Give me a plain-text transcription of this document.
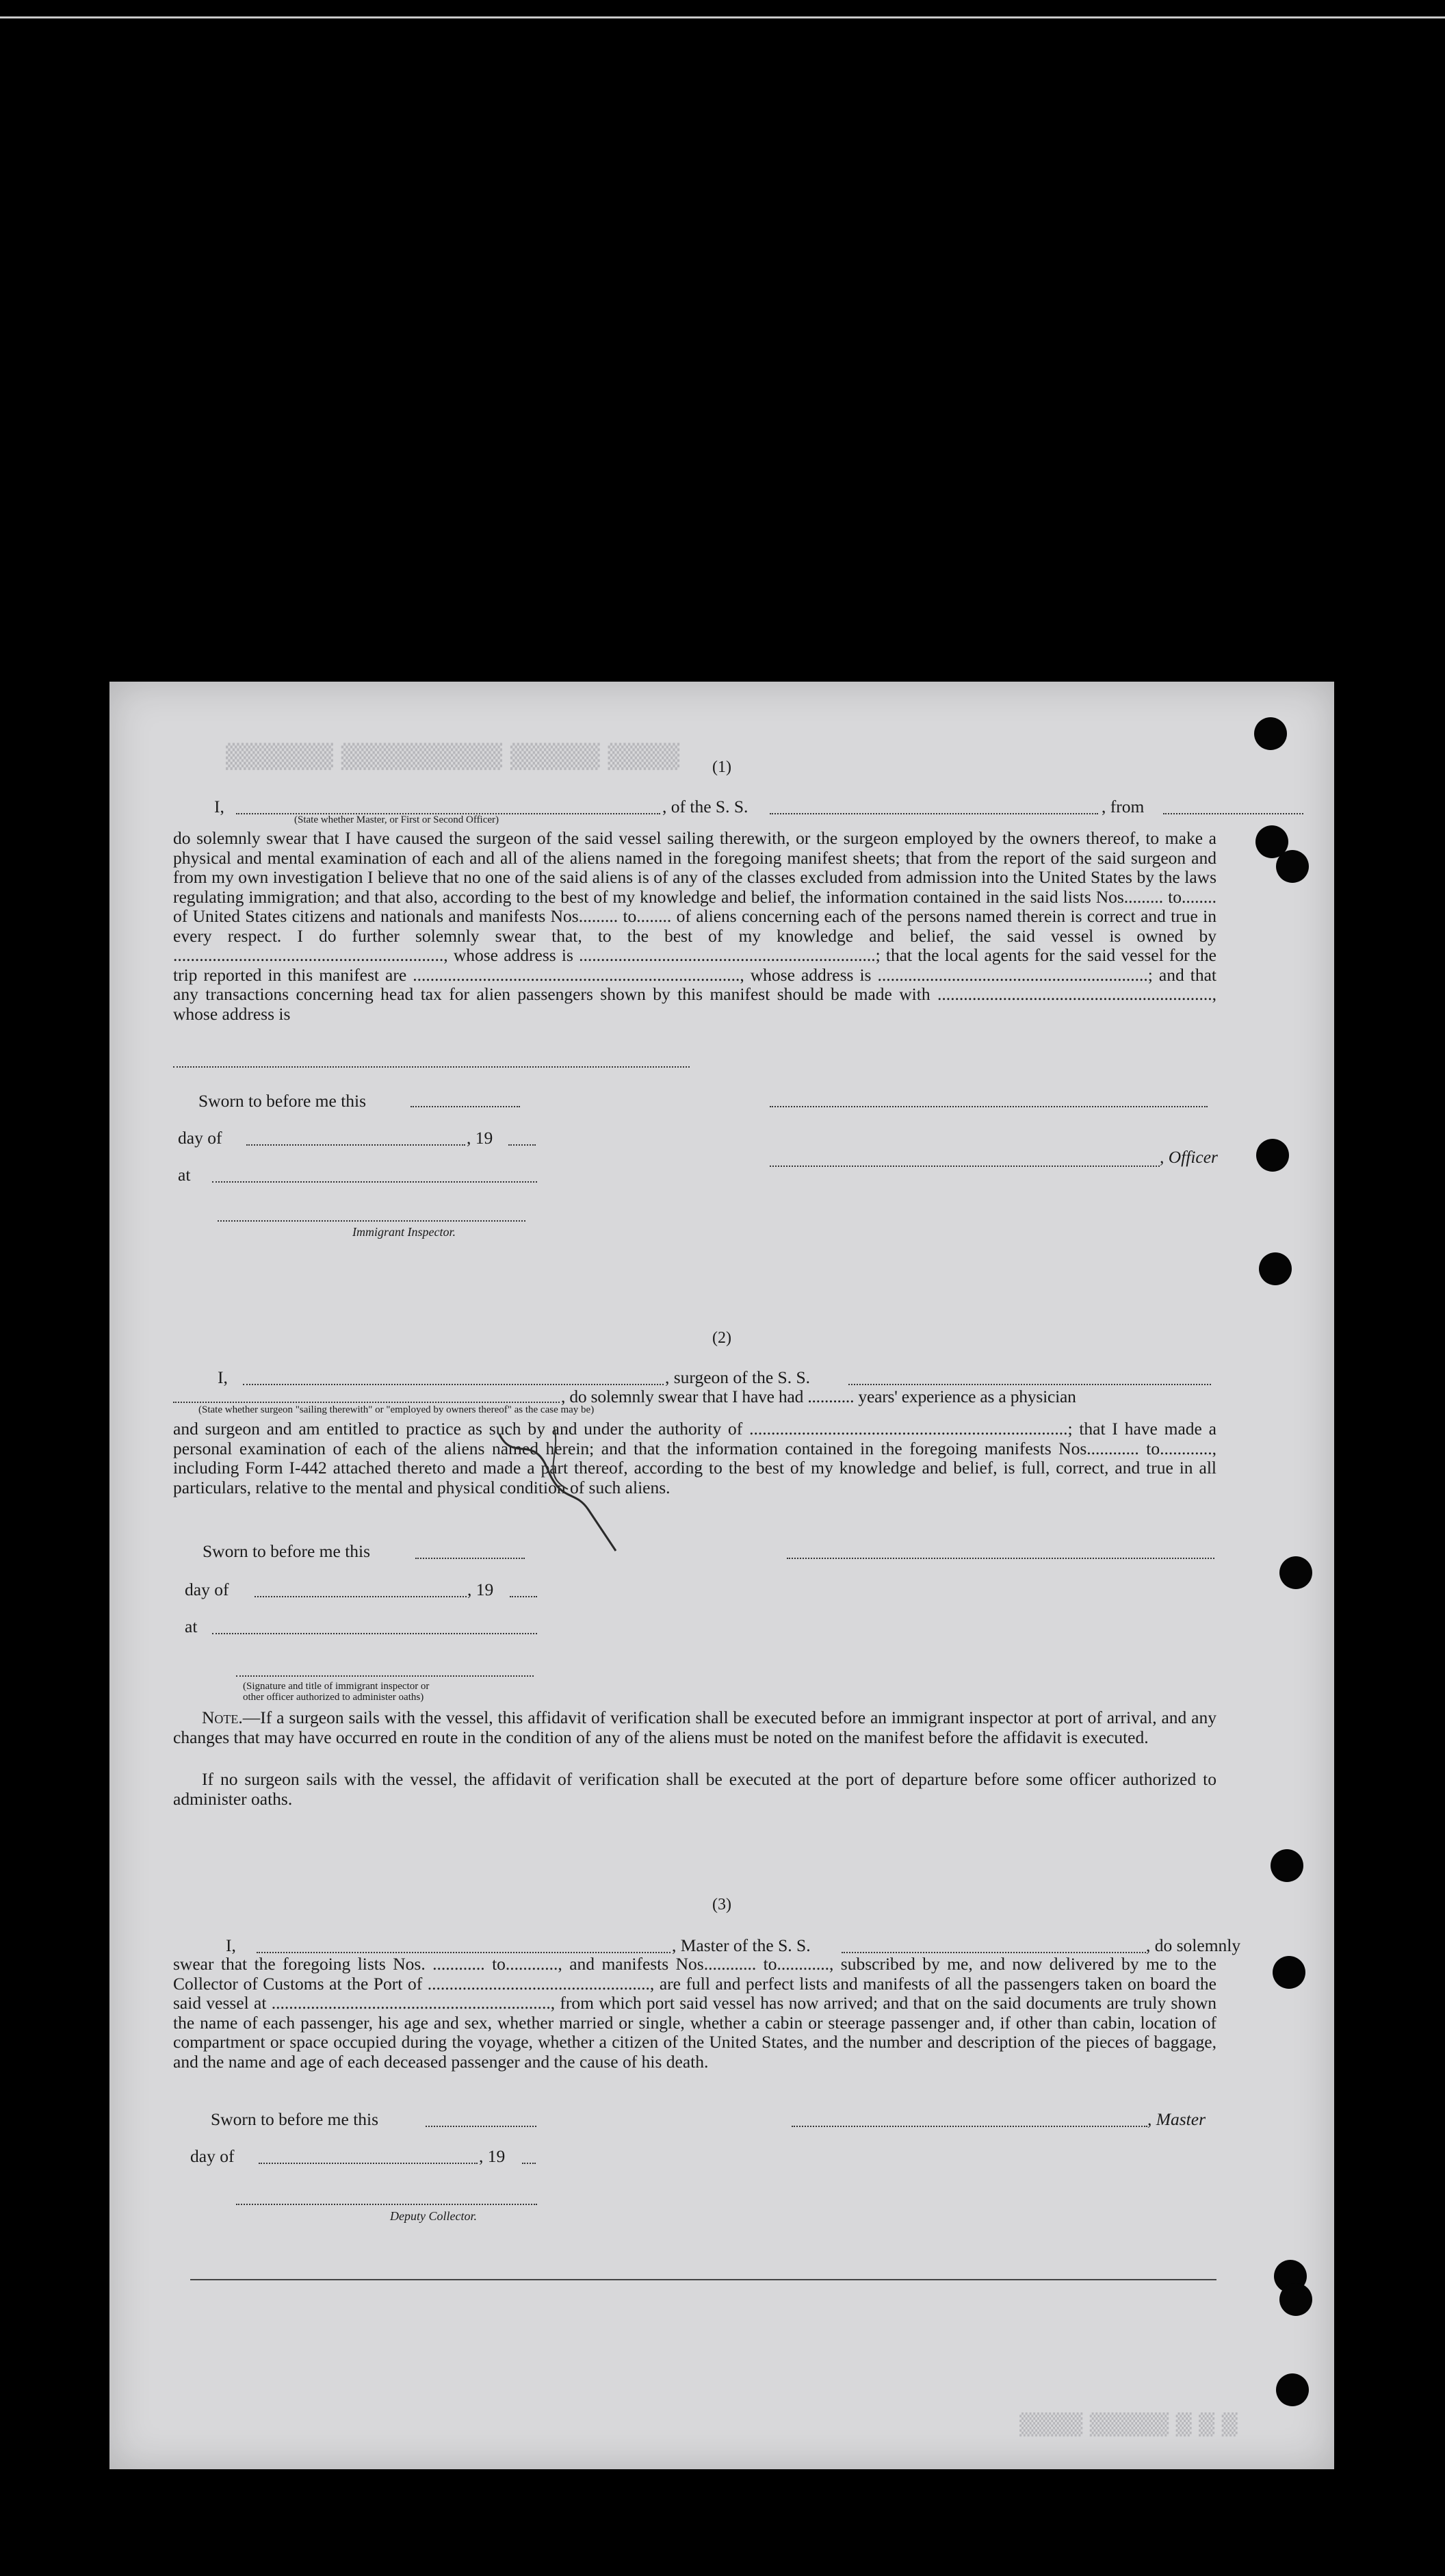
▒▒▒▒ ▒▒▒▒▒ ▒▒▒▒▒▒▒▒▒ ▒▒▒▒▒▒
▒ ▒ ▒ ▒▒▒▒▒ ▒▒▒▒
(1)
I,	, of the S. S.	, from
(State whether Master, or First or Second Officer)
do solemnly swear that I have caused the surgeon of the said vessel sailing therewith, or the surgeon employed by the owners thereof, to make a physical and mental examination of each and all of the aliens named in the foregoing manifest sheets; that from the report of the said surgeon and from my own investigation I believe that no one of the said aliens is of any of the classes excluded from admission into the United States by the laws regulating immigration; and that also, according to the best of my knowledge and belief, the information contained in the said lists Nos......... to........ of United States citizens and nationals and manifests Nos......... to........ of aliens concerning each of the persons named therein is correct and true in every respect. I do further solemnly swear that, to the best of my knowledge and belief, the said vessel is owned by .............................................................., whose address is ....................................................................; that the local agents for the said vessel for the trip reported in this manifest are ..........................................................................., whose address is ..............................................................; and that any transactions concerning head tax for alien passengers shown by this manifest should be made with ..............................................................., whose address is
Sworn to before me this
day of	, 19
, Officer
at
Immigrant Inspector.
(2)
I,	, surgeon of the S. S.
, do solemnly swear that I have had ........... years' experience as a physician
(State whether surgeon "sailing therewith" or "employed by owners thereof" as the case may be)
and surgeon and am entitled to practice as such by and under the authority of .........................................................................; that I have made a personal examination of each of the aliens named herein; and that the information contained in the foregoing manifests Nos............ to............, including Form I-442 attached thereto and made a part thereof, according to the best of my knowledge and belief, is full, correct, and true in all particulars, relative to the mental and physical condition of such aliens.
Sworn to before me this
day of	, 19
at
(Signature and title of immigrant inspector or
other officer authorized to administer oaths)
Note.—If a surgeon sails with the vessel, this affidavit of verification shall be executed before an immigrant inspector at port of arrival, and any changes that may have occurred en route in the condition of any of the aliens must be noted on the manifest before the affidavit is executed.
If no surgeon sails with the vessel, the affidavit of verification shall be executed at the port of departure before some officer authorized to administer oaths.
(3)
I,	, Master of the S. S.	, do solemnly
swear that the foregoing lists Nos. ............ to............, and manifests Nos............ to............, subscribed by me, and now delivered by me to the Collector of Customs at the Port of ..................................................., are full and perfect lists and manifests of all the passengers taken on board the said vessel at ................................................................, from which port said vessel has now arrived; and that on the said documents are truly shown the name of each passenger, his age and sex, whether married or single, whether a cabin or steerage passenger and, if other than cabin, location of compartment or space occupied during the voyage, whether a citizen of the United States, and the number and description of the pieces of baggage, and the name and age of each deceased passenger and the cause of his death.
Sworn to before me this	, Master
day of	, 19
Deputy Collector.
